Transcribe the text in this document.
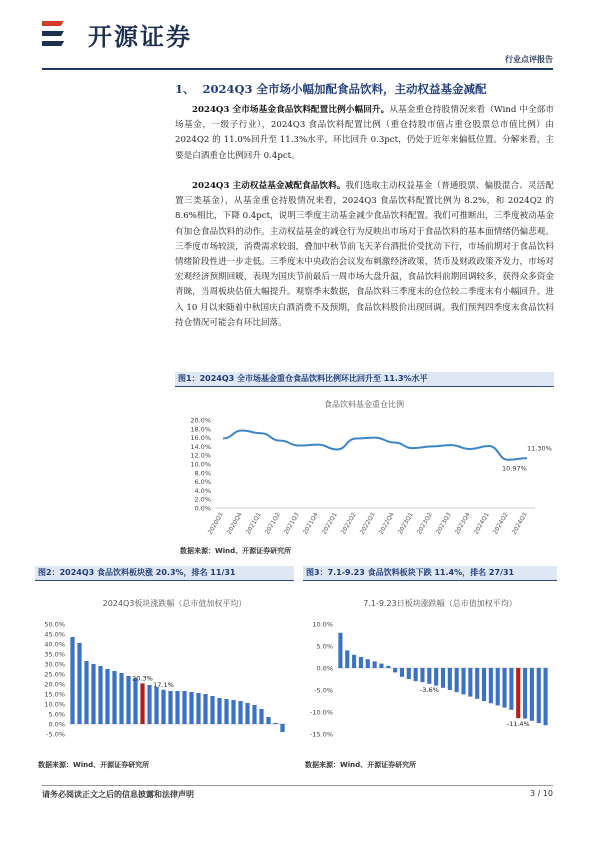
开源证券
行业点评报告
1、 2024Q3 全市场小幅加配食品饮料，主动权益基金减配
2024Q3 全市场基金食品饮料配置比例小幅回升。从基金重仓持股情况来看（Wind 中全部市场基金，一级子行业），2024Q3 食品饮料配置比例（重仓持股市值占重仓股票总市值比例）由 2024Q2 的 11.0%回升至 11.3%水平，环比回升 0.3pct，仍处于近年来偏低位置。分解来看，主要是白酒重仓比例回升 0.4pct。
2024Q3 主动权益基金减配食品饮料。我们选取主动权益基金（普通股票、偏股混合、灵活配置三类基金），从基金重仓持股情况来看，2024Q3 食品饮料配置比例为 8.2%，和 2024Q2 的 8.6%相比，下降 0.4pct，说明三季度主动基金减少食品饮料配置。我们可推断出，三季度被动基金有加仓食品饮料的动作。主动权益基金的减仓行为反映出市场对于食品饮料的基本面情绪仍偏悲观。三季度市场较淡，消费需求较弱，叠加中秋节前飞天茅台酒批价受扰动下行，市场前期对于食品饮料情绪阶段性进一步走低。三季度末中央政治会议发布刺激经济政策，货币及财政政策齐发力，市场对宏观经济预期回暖，表现为国庆节前最后一周市场大盘升温，食品饮料前期回调较多，获得众多资金青睐，当周板块估值大幅提升。观察季末数据，食品饮料三季度末的仓位较二季度末有小幅回升。进入 10 月以来随着中秋国庆白酒消费不及预期，食品饮料股价出现回调。我们预判四季度末食品饮料持仓情况可能会有环比回落。
图1：2024Q3 全市场基金重仓食品饮料比例环比回升至 11.3%水平
食品饮料基金重仓比例
0.0%
2.0%
4.0%
6.0%
8.0%
10.0%
12.0%
14.0%
16.0%
18.0%
20.0%
2020Q3 2020Q4 2021Q1 2021Q2 2021Q3 2021Q4 2022Q1 2022Q2 2022Q3 2022Q4 2023Q1 2023Q2 2023Q3 2023Q4 2024Q1 2024Q2 2024Q3
10.97%
11.30%
数据来源：Wind、开源证券研究所
图2：2024Q3 食品饮料板块涨 20.3%，排名 11/31	图3：7.1-9.23 食品饮料板块下跌 11.4%，排名 27/31
2024Q3板块涨跌幅（总市值加权平均）
-5.0%
0.0%
5.0%
10.0%
15.0%
20.0%
25.0%
30.0%
35.0%
40.0%
45.0%
50.0%
20.3%
17.1%
7.1-9.23日板块涨跌幅（总市值加权平均）
-15.0%
-10.0%
-5.0%
0.0%
5.0%
10.0%
-3.6%
-11.4%
数据来源：Wind、开源证券研究所	数据来源：Wind、开源证券研究所
请务必阅读正文之后的信息披露和法律声明	3 / 10
